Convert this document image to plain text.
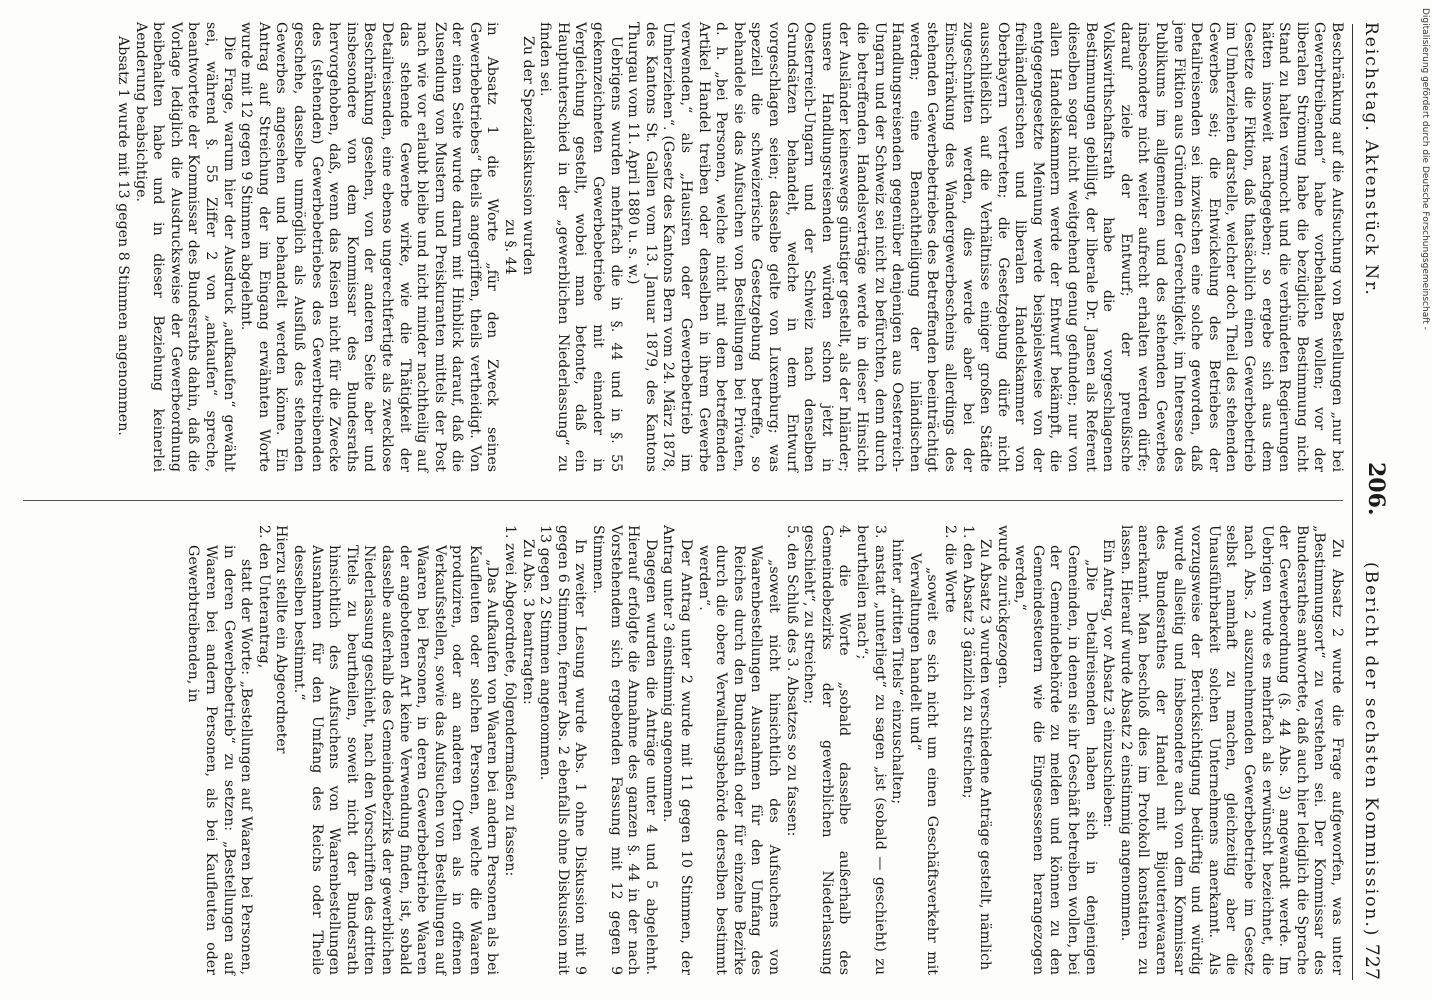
Reichstag. Aktenstück Nr.
206.
(Bericht der sechsten Kommission.)
727

Beschränkung auf die Aufsuchung von Bestellungen „nur bei Gewerbtreibenden“ habe vorbehalten wollen; vor der liberalen Strömung habe die bezügliche Bestimmung nicht Stand zu halten vermocht und die verbündeten Regierungen hätten insoweit nachgegeben; so ergebe sich aus dem Gesetze die Fiktion, daß thatsächlich einen Gewerbebetrieb im Umherziehen darstelle, welcher doch Theil des stehenden Gewerbes sei; die Entwickelung des Betriebes der Detailreisenden sei inzwischen eine solche geworden, daß jene Fiktion aus Gründen der Gerechtigkeit, im Interesse des Publikums im allgemeinen und des stehenden Gewerbes insbesondere nicht weiter aufrecht erhalten werden dürfe; darauf ziele der Entwurf; der preußische Volkswirthschaftsrath habe die vorgeschlagenen Bestimmungen gebilligt, der liberale Dr. Jansen als Referent dieselben sogar nicht weitgehend genug gefunden; nur von allen Handelskammern werde der Entwurf bekämpft, die entgegengesetzte Meinung werde beispielsweise von der freihändlerischen und liberalen Handelskammer von Oberbayern vertreten; die Gesetzgebung dürfe nicht ausschließlich auf die Verhältnisse einiger großen Städte zugeschnitten werden, dies werde aber bei der Einschränkung des Wandergewerbescheins allerdings des stehenden Gewerbebetriebes des Betreffenden beeinträchtigt werden; eine Benachtheiligung der inländischen Handlungsreisenden gegenüber denjenigen aus Oesterreich-Ungarn und der Schweiz sei nicht zu befürchten, denn durch die betreffenden Handelsverträge werde in dieser Hinsicht der Ausländer keineswegs günstiger gestellt, als der Inländer; unsere Handlungsreisenden würden schon jetzt in Oesterreich-Ungarn und der Schweiz nach denselben Grundsätzen behandelt, welche in dem Entwurf vorgeschlagen seien; dasselbe gelte von Luxemburg; was speziell die schweizerische Gesetzgebung betreffe, so behandele sie das Aufsuchen von Bestellungen bei Privaten, d. h. „bei Personen, welche nicht mit dem betreffenden Artikel Handel treiben oder denselben in ihrem Gewerbe verwenden,“ als „Hausiren oder Gewerbebetrieb im Umherziehen“. (Gesetz des Kantons Bern vom 24. März 1878, des Kantons St. Gallen vom 13. Januar 1879, des Kantons Thurgau vom 11. April 1880 u. s. w.)

Uebrigens wurden mehrfach die in §. 44 und in §. 55 gekennzeichneten Gewerbebetriebe mit einander in Vergleichung gestellt, wobei man betonte, daß ein Hauptunterschied in der „gewerblichen Niederlassung“ zu finden sei.

Zu der Spezialdiskussion wurden

zu §. 44

in Absatz 1 die Worte „für den Zweck seines Gewerbebetriebes“ theils angegriffen, theils vertheidigt. Von der einen Seite wurde darum mit Hinblick darauf, daß die Zusendung von Mustern und Preiskuranten mittels der Post nach wie vor erlaubt bleibe und nicht minder nachtheilig auf das stehende Gewerbe wirke, wie die Thätigkeit der Detailreisenden, eine ebenso ungerechtfertigte als zwecklose Beschränkung gesehen, von der anderen Seite aber und insbesondere von dem Kommissar des Bundesraths hervorgehoben, daß, wenn das Reisen nicht für die Zwecke des (stehenden) Gewerbebetriebes des Gewerbtreibenden geschehe, dasselbe unmöglich als Ausfluß des stehenden Gewerbes angesehen und behandelt werden könne. Ein Antrag auf Streichung der im Eingang erwähnten Worte wurde mit 12 gegen 9 Stimmen abgelehnt.

Die Frage, warum hier der Ausdruck „aufkaufen“ gewählt sei, während §. 55 Ziffer 2 von „ankaufen“ spreche, beantwortete der Kommissar des Bundesraths dahin, daß die Vorlage lediglich die Ausdrucksweise der Gewerbeordnung beibehalten habe und in dieser Beziehung keinerlei Aenderung beabsichtige.

Absatz 1 wurde mit 13 gegen 8 Stimmen angenommen.

Zu Absatz 2 wurde die Frage aufgeworfen, was unter „Bestimmungsort“ zu verstehen sei. Der Kommissar des Bundesrathes antwortete, daß auch hier lediglich die Sprache der Gewerbeordnung (§. 44 Abs. 3) angewandt werde. Im Uebrigen wurde es mehrfach als erwünscht bezeichnet, die nach Abs. 2 auszunehmenden Gewerbebetriebe im Gesetz selbst namhaft zu machen, gleichzeitig aber die Unausführbarkeit solchen Unternehmens anerkannt. Als vorzugsweise der Berücksichtigung bedürftig und würdig wurde allseitig und insbesondere auch von dem Kommissar des Bundesrathes der Handel mit Bijouteriewaaren anerkannt. Man beschloß dies im Protokoll konstatiren zu lassen. Hierauf wurde Absatz 2 einstimmig angenommen.

Ein Antrag, vor Absatz 3 einzuschieben:

„Die Detailreisenden haben sich in denjenigen Gemeinden, in denen sie ihr Geschäft betreiben wollen, bei der Gemeindebehörde zu melden und können zu den Gemeindesteuern wie die Eingesessenen herangezogen werden,“

wurde zurückgezogen.

Zu Absatz 3 wurden verschiedene Anträge gestellt, nämlich

1. den Absatz 3 gänzlich zu streichen;

2. die Worte

„soweit es sich nicht um einen Geschäftsverkehr mit Verwaltungen handelt und“

hinter „dritten Titels“ einzuschalten;

3. anstatt „unterliegt“ zu sagen „ist (sobald — geschieht) zu beurtheilen nach“;

4. die Worte „sobald dasselbe außerhalb des Gemeindebezirks der gewerblichen Niederlassung geschieht“, zu streichen;

5. den Schluß des 3. Absatzes so zu fassen:

„soweit nicht hinsichtlich des Aufsuchens von Waarenbestellungen Ausnahmen für den Umfang des Reiches durch den Bundesrath oder für einzelne Bezirke durch die obere Verwaltungsbehörde derselben bestimmt werden“.

Der Antrag unter 2 wurde mit 11 gegen 10 Stimmen, der Antrag unter 3 einstimmig angenommen.

Dagegen wurden die Anträge unter 4 und 5 abgelehnt. Hierauf erfolgte die Annahme des ganzen §. 44 in der nach Vorstehendem sich ergebenden Fassung mit 12 gegen 9 Stimmen.

In zweiter Lesung wurde Abs. 1 ohne Diskussion mit 9 gegen 6 Stimmen, ferner Abs. 2 ebenfalls ohne Diskussion mit 13 gegen 2 Stimmen angenommen.

Zu Abs. 3 beantragten:

1. zwei Abgeordnete, folgendermaßen zu fassen:

„Das Aufkaufen von Waaren bei andern Personen als bei Kaufleuten oder solchen Personen, welche die Waaren produziren, oder an anderen Orten als in offenen Verkaufsstellen, sowie das Aufsuchen von Bestellungen auf Waaren bei Personen, in deren Gewerbebetriebe Waaren der angebotenen Art keine Verwendung finden, ist, sobald dasselbe außerhalb des Gemeindebezirks der gewerblichen Niederlassung geschieht, nach den Vorschriften des dritten Titels zu beurtheilen, soweit nicht der Bundesrath hinsichtlich des Aufsuchens von Waarenbestellungen Ausnahmen für den Umfang des Reichs oder Theile desselben bestimmt.“

Hierzu stellte ein Abgeordneter

2. den Unterantrag,

statt der Worte: „Bestellungen auf Waaren bei Personen, in deren Gewerbebetrieb“ zu setzen: „Bestellungen auf Waaren bei andern Personen, als bei Kaufleuten oder Gewerbtreibenden, in

Digitalisierung gefördert durch die Deutsche Forschungsgemeinschaft -
